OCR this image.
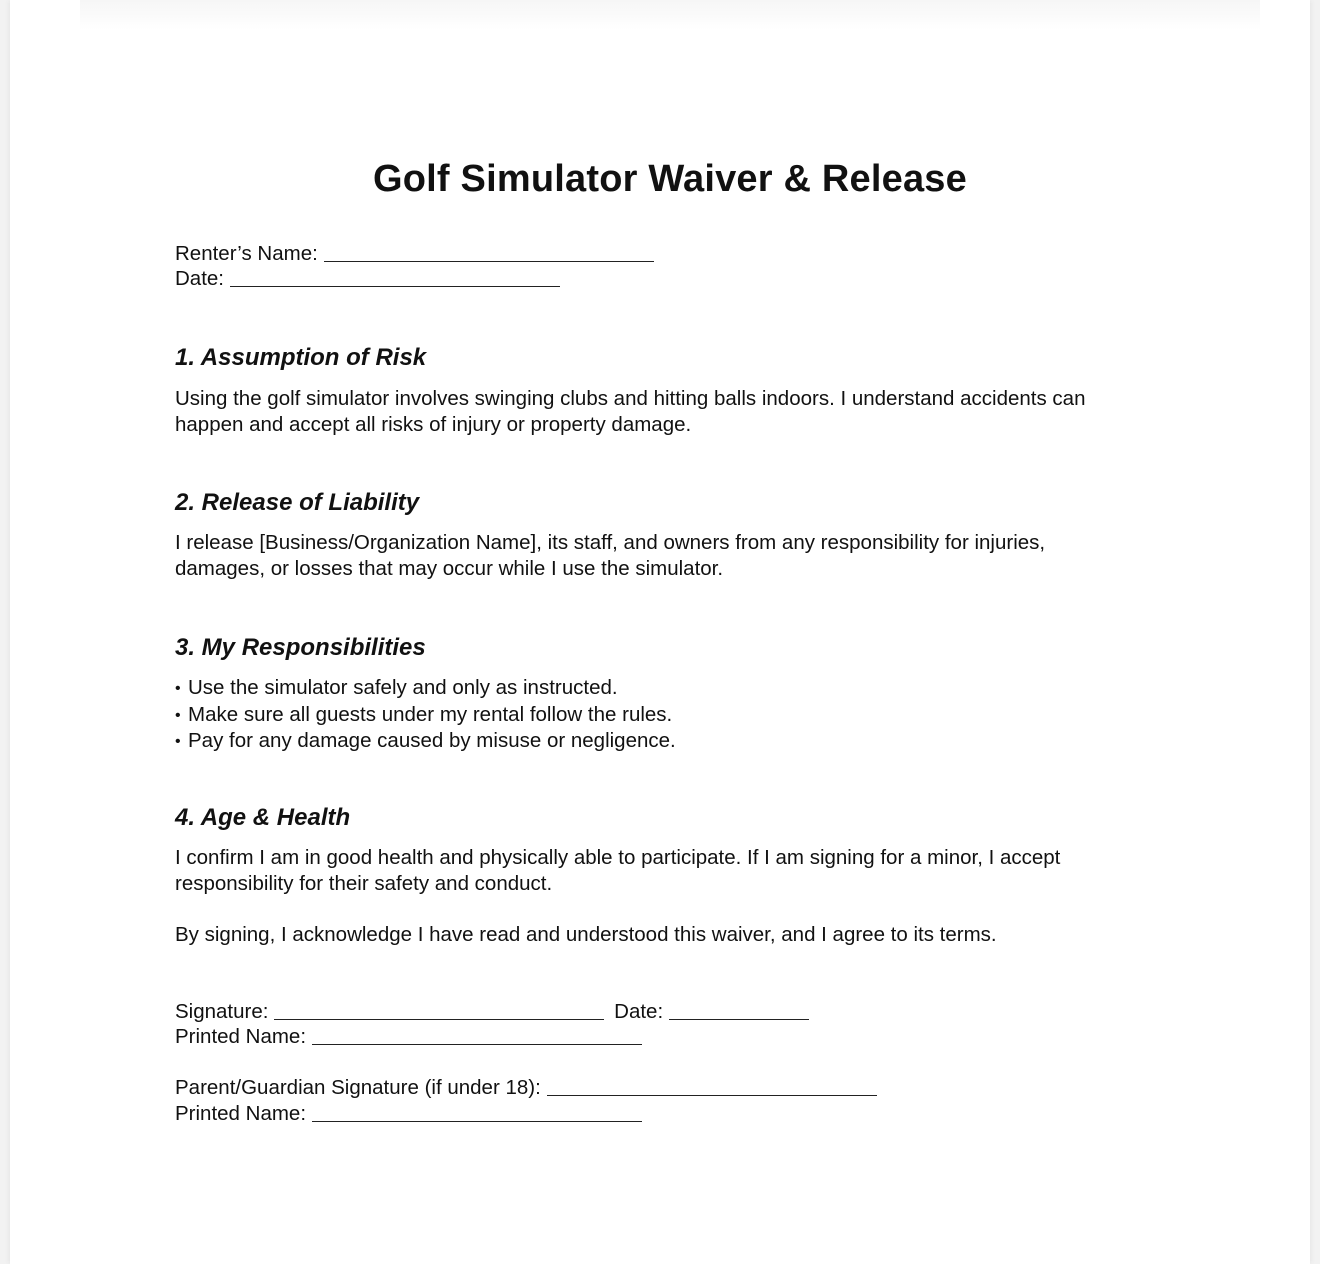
Golf Simulator Waiver & Release
Renter’s Name:
Date:
1. Assumption of Risk
Using the golf simulator involves swinging clubs and hitting balls indoors. I understand accidents can
happen and accept all risks of injury or property damage.
2. Release of Liability
I release [Business/Organization Name], its staff, and owners from any responsibility for injuries,
damages, or losses that may occur while I use the simulator.
3. My Responsibilities
• Use the simulator safely and only as instructed.
• Make sure all guests under my rental follow the rules.
• Pay for any damage caused by misuse or negligence.
4. Age & Health
I confirm I am in good health and physically able to participate. If I am signing for a minor, I accept
responsibility for their safety and conduct.

By signing, I acknowledge I have read and understood this waiver, and I agree to its terms.

Signature:	Date:
Printed Name:
Parent/Guardian Signature (if under 18):
Printed Name:
